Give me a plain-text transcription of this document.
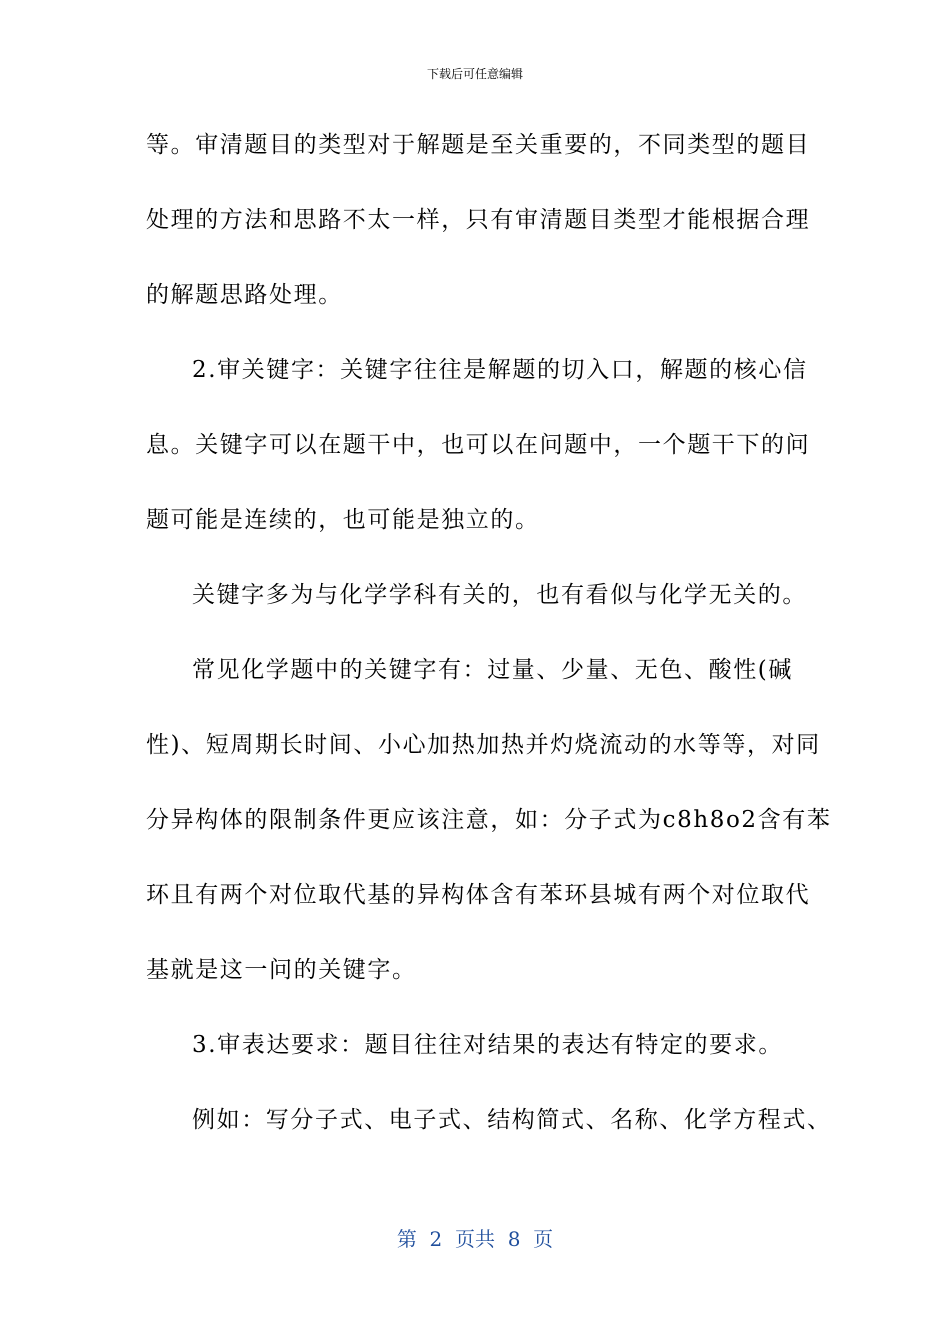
下载后可任意编辑
等。审清题目的类型对于解题是至关重要的，不同类型的题目
处理的方法和思路不太一样，只有审清题目类型才能根据合理
的解题思路处理。
2.审关键字：关键字往往是解题的切入口，解题的核心信
息。关键字可以在题干中，也可以在问题中，一个题干下的问
题可能是连续的，也可能是独立的。
关键字多为与化学学科有关的，也有看似与化学无关的。
常见化学题中的关键字有：过量、少量、无色、酸性(碱
性)、短周期长时间、小心加热加热并灼烧流动的水等等，对同
分异构体的限制条件更应该注意，如：分子式为c8h8o2含有苯
环且有两个对位取代基的异构体含有苯环县城有两个对位取代
基就是这一问的关键字。
3.审表达要求：题目往往对结果的表达有特定的要求。
例如：写分子式、电子式、结构简式、名称、化学方程式、
第  2  页共  8  页
